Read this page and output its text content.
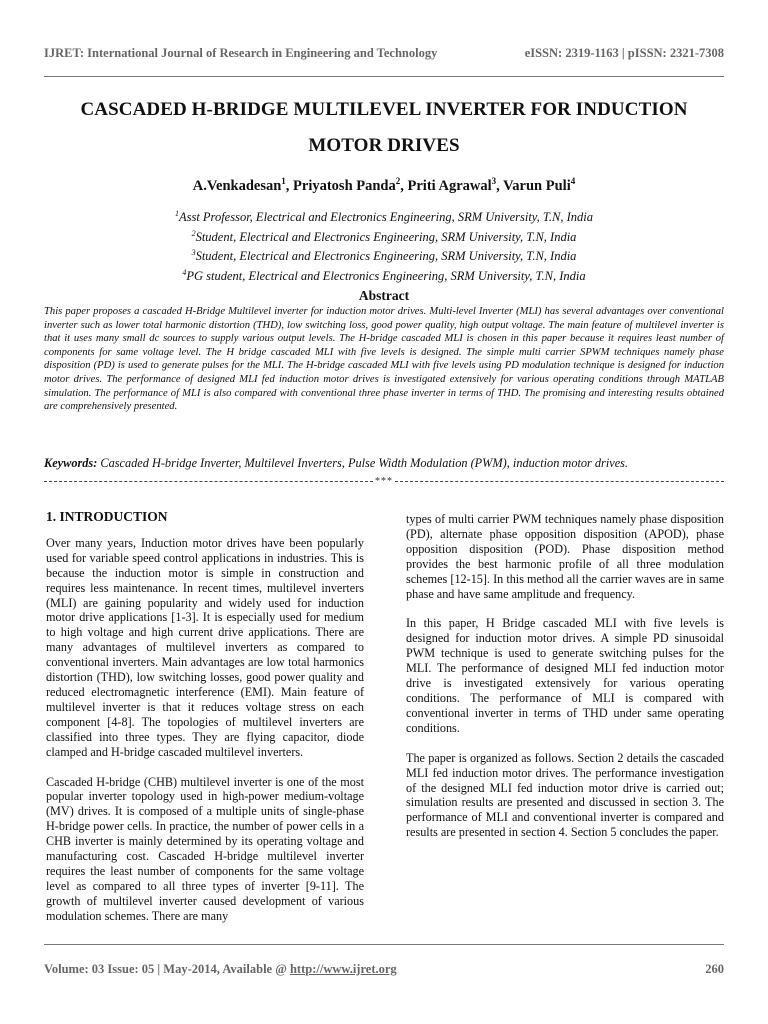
IJRET: International Journal of Research in Engineering and Technology	eISSN: 2319-1163 | pISSN: 2321-7308
CASCADED H-BRIDGE MULTILEVEL INVERTER FOR INDUCTION
MOTOR DRIVES
A.Venkadesan$^1$, Priyatosh Panda$^2$, Priti Agrawal$^3$, Varun Puli$^4$
$^1$Asst Professor, Electrical and Electronics Engineering, SRM University, T.N, India
$^2$Student, Electrical and Electronics Engineering, SRM University, T.N, India
$^3$Student, Electrical and Electronics Engineering, SRM University, T.N, India
$^4$PG student, Electrical and Electronics Engineering, SRM University, T.N, India
Abstract
This paper proposes a cascaded H-Bridge Multilevel inverter for induction motor drives. Multi-level Inverter (MLI) has several advantages over conventional inverter such as lower total harmonic distortion (THD), low switching loss, good power quality, high output voltage. The main feature of multilevel inverter is that it uses many small dc sources to supply various output levels. The H-bridge cascaded MLI is chosen in this paper because it requires least number of components for same voltage level. The H bridge cascaded MLI with five levels is designed. The simple multi carrier SPWM techniques namely phase disposition (PD) is used to generate pulses for the MLI. The H-bridge cascaded MLI with five levels using PD modulation technique is designed for induction motor drives. The performance of designed MLI fed induction motor drives is investigated extensively for various operating conditions through MATLAB simulation. The performance of MLI is also compared with conventional three phase inverter in terms of THD. The promising and interesting results obtained are comprehensively presented.
Keywords: Cascaded H-bridge Inverter, Multilevel Inverters, Pulse Width Modulation (PWM), induction motor drives.
***
1. INTRODUCTION

Over many years, Induction motor drives have been popularly used for variable speed control applications in industries. This is because the induction motor is simple in construction and requires less maintenance. In recent times, multilevel inverters (MLI) are gaining popularity and widely used for induction motor drive applications [1-3]. It is especially used for medium to high voltage and high current drive applications. There are many advantages of multilevel inverters as compared to conventional inverters. Main advantages are low total harmonics distortion (THD), low switching losses, good power quality and reduced electromagnetic interference (EMI). Main feature of multilevel inverter is that it reduces voltage stress on each component [4-8]. The topologies of multilevel inverters are classified into three types. They are flying capacitor, diode clamped and H-bridge cascaded multilevel inverters.

Cascaded H-bridge (CHB) multilevel inverter is one of the most popular inverter topology used in high-power medium-voltage (MV) drives. It is composed of a multiple units of single-phase H-bridge power cells. In practice, the number of power cells in a CHB inverter is mainly determined by its operating voltage and manufacturing cost. Cascaded H-bridge multilevel inverter requires the least number of components for the same voltage level as compared to all three types of inverter [9-11]. The growth of multilevel inverter caused development of various modulation schemes. There are many

types of multi carrier PWM techniques namely phase disposition (PD), alternate phase opposition disposition (APOD), phase opposition disposition (POD). Phase disposition method provides the best harmonic profile of all three modulation schemes [12-15]. In this method all the carrier waves are in same phase and have same amplitude and frequency.

In this paper, H Bridge cascaded MLI with five levels is designed for induction motor drives. A simple PD sinusoidal PWM technique is used to generate switching pulses for the MLI. The performance of designed MLI fed induction motor drive is investigated extensively for various operating conditions. The performance of MLI is compared with conventional inverter in terms of THD under same operating conditions.

The paper is organized as follows. Section 2 details the cascaded MLI fed induction motor drives. The performance investigation of the designed MLI fed induction motor drive is carried out; simulation results are presented and discussed in section 3. The performance of MLI and conventional inverter is compared and results are presented in section 4. Section 5 concludes the paper.

Volume: 03 Issue: 05 | May-2014, Available @ http://www.ijret.org	260
